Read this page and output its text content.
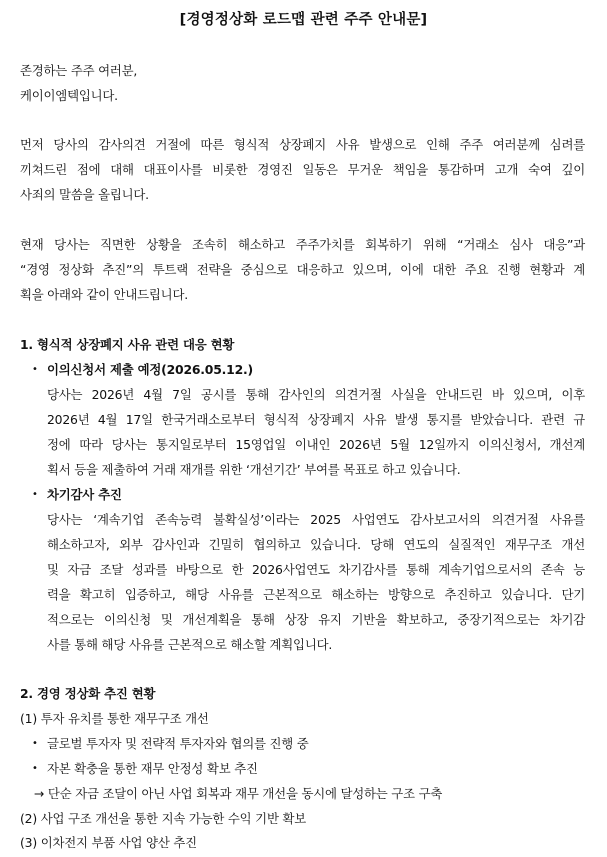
[경영정상화 로드맵 관련 주주 안내문]
존경하는 주주 여러분,
케이이엠텍입니다.
먼저 당사의 감사의견 거절에 따른 형식적 상장폐지 사유 발생으로 인해 주주 여러분께 심려를
끼쳐드린 점에 대해 대표이사를 비롯한 경영진 일동은 무거운 책임을 통감하며 고개 숙여 깊이
사죄의 말씀을 올립니다.
현재 당사는 직면한 상황을 조속히 해소하고 주주가치를 회복하기 위해 “거래소 심사 대응”과
“경영 정상화 추진”의 투트랙 전략을 중심으로 대응하고 있으며, 이에 대한 주요 진행 현황과 계
획을 아래와 같이 안내드립니다.
1. 형식적 상장폐지 사유 관련 대응 현황
• 이의신청서 제출 예정(2026.05.12.)
당사는 2026년 4월 7일 공시를 통해 감사인의 의견거절 사실을 안내드린 바 있으며, 이후
2026년 4월 17일 한국거래소로부터 형식적 상장폐지 사유 발생 통지를 받았습니다. 관련 규
정에 따라 당사는 통지일로부터 15영업일 이내인 2026년 5월 12일까지 이의신청서, 개선계
획서 등을 제출하여 거래 재개를 위한 ‘개선기간’ 부여를 목표로 하고 있습니다.
• 차기감사 추진
당사는 ‘계속기업 존속능력 불확실성’이라는 2025 사업연도 감사보고서의 의견거절 사유를
해소하고자, 외부 감사인과 긴밀히 협의하고 있습니다. 당해 연도의 실질적인 재무구조 개선
및 자금 조달 성과를 바탕으로 한 2026사업연도 차기감사를 통해 계속기업으로서의 존속 능
력을 확고히 입증하고, 해당 사유를 근본적으로 해소하는 방향으로 추진하고 있습니다. 단기
적으로는 이의신청 및 개선계획을 통해 상장 유지 기반을 확보하고, 중장기적으로는 차기감
사를 통해 해당 사유를 근본적으로 해소할 계획입니다.
2. 경영 정상화 추진 현황
(1) 투자 유치를 통한 재무구조 개선
• 글로벌 투자자 및 전략적 투자자와 협의를 진행 중
• 자본 확충을 통한 재무 안정성 확보 추진
→ 단순 자금 조달이 아닌 사업 회복과 재무 개선을 동시에 달성하는 구조 구축
(2) 사업 구조 개선을 통한 지속 가능한 수익 기반 확보
(3) 이차전지 부품 사업 양산 추진
